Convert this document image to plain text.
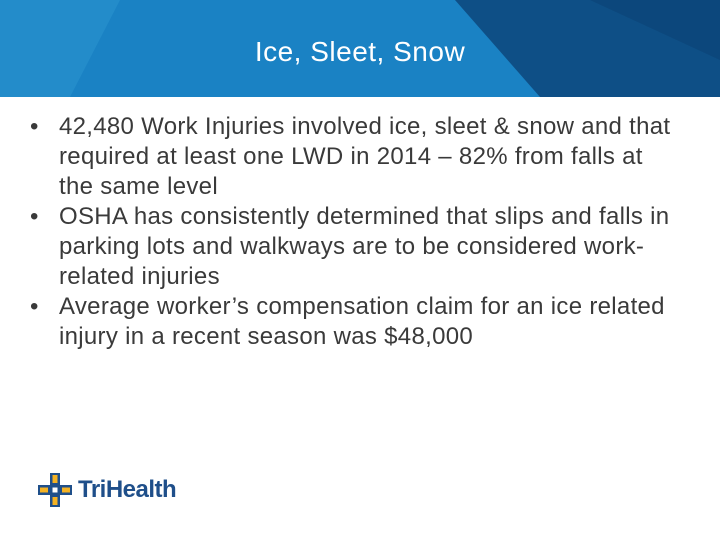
Ice, Sleet, Snow
• 42,480 Work Injuries involved ice, sleet & snow and that required at least one LWD in 2014 – 82% from falls at the same level
• OSHA has consistently determined that slips and falls in parking lots and walkways are to be considered work-related injuries
• Average worker’s compensation claim for an ice related injury in a recent season was $48,000
TriHealth
